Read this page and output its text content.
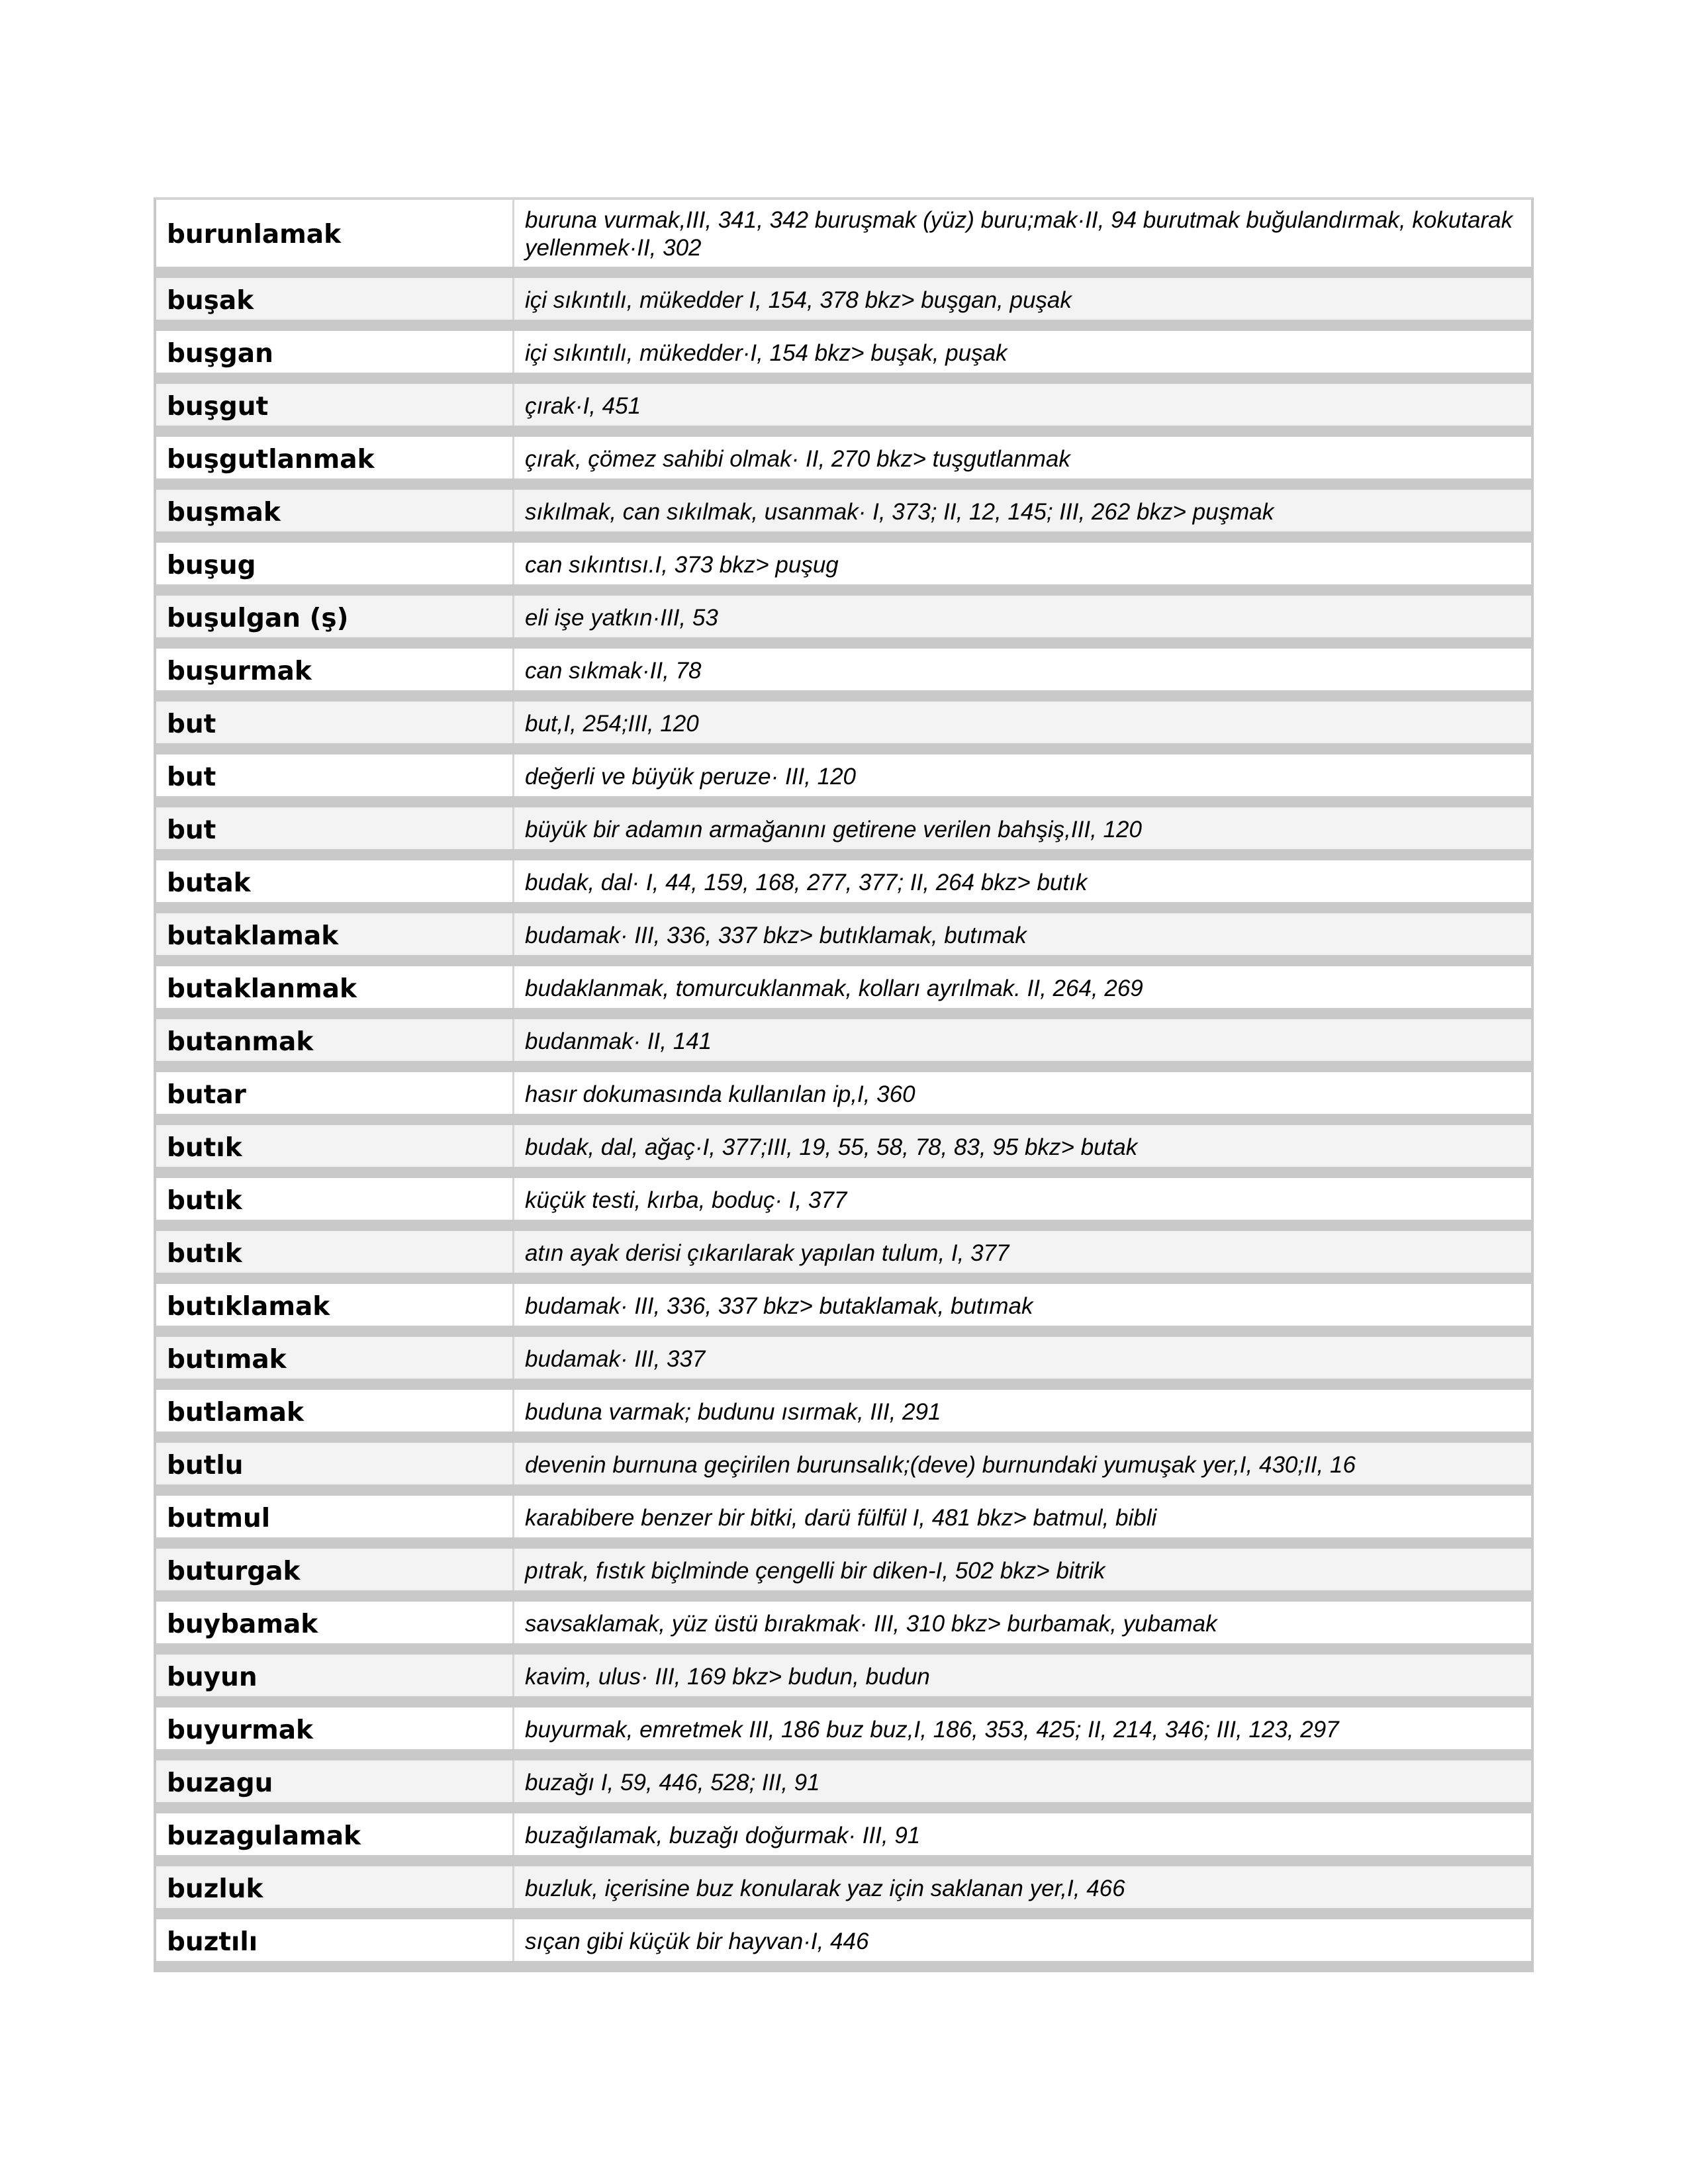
burunlamak	buruna vurmak,III, 341, 342 buruşmak (yüz) buru;mak·II, 94 burutmak buğulandırmak, kokutarak yellenmek·II, 302
buşak	içi sıkıntılı, mükedder I, 154, 378 bkz> buşgan, puşak
buşgan	içi sıkıntılı, mükedder·I, 154 bkz> buşak, puşak
buşgut	çırak·I, 451
buşgutlanmak	çırak, çömez sahibi olmak· II, 270 bkz> tuşgutlanmak
buşmak	sıkılmak, can sıkılmak, usanmak· I, 373; II, 12, 145; III, 262 bkz> puşmak
buşug	can sıkıntısı.I, 373 bkz> puşug
buşulgan (ş)	eli işe yatkın·III, 53
buşurmak	can sıkmak·II, 78
but	but,I, 254;III, 120
but	değerli ve büyük peruze· III, 120
but	büyük bir adamın armağanını getirene verilen bahşiş,III, 120
butak	budak, dal· I, 44, 159, 168, 277, 377; II, 264 bkz> butık
butaklamak	budamak· III, 336, 337 bkz> butıklamak, butımak
butaklanmak	budaklanmak, tomurcuklanmak, kolları ayrılmak. II, 264, 269
butanmak	budanmak· II, 141
butar	hasır dokumasında kullanılan ip,I, 360
butık	budak, dal, ağaç·I, 377;III, 19, 55, 58, 78, 83, 95 bkz> butak
butık	küçük testi, kırba, boduç· I, 377
butık	atın ayak derisi çıkarılarak yapılan tulum, I, 377
butıklamak	budamak· III, 336, 337 bkz> butaklamak, butımak
butımak	budamak· III, 337
butlamak	buduna varmak; budunu ısırmak, III, 291
butlu	devenin burnuna geçirilen burunsalık;(deve) burnundaki yumuşak yer,I, 430;II, 16
butmul	karabibere benzer bir bitki, darü fülfül I, 481 bkz> batmul, bibli
buturgak	pıtrak, fıstık biçlminde çengelli bir diken-I, 502 bkz> bitrik
buybamak	savsaklamak, yüz üstü bırakmak· III, 310 bkz> burbamak, yubamak
buyun	kavim, ulus· III, 169 bkz> budun, budun
buyurmak	buyurmak, emretmek III, 186 buz buz,I, 186, 353, 425; II, 214, 346; III, 123, 297
buzagu	buzağı I, 59, 446, 528; III, 91
buzagulamak	buzağılamak, buzağı doğurmak· III, 91
buzluk	buzluk, içerisine buz konularak yaz için saklanan yer,I, 466
buztılı	sıçan gibi küçük bir hayvan·I, 446
